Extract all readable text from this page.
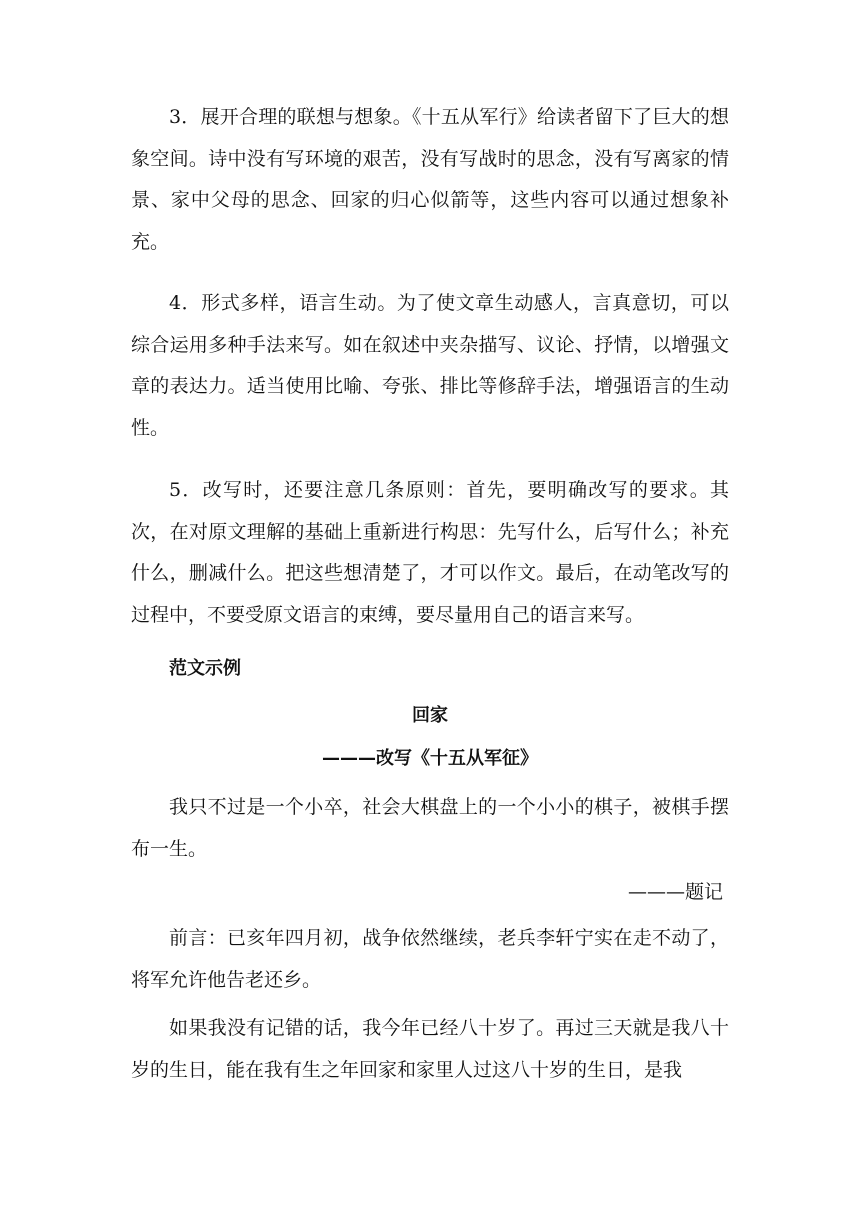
3．展开合理的联想与想象。《十五从军行》给读者留下了巨大的想象空间。诗中没有写环境的艰苦，没有写战时的思念，没有写离家的情景、家中父母的思念、回家的归心似箭等，这些内容可以通过想象补充。

4．形式多样，语言生动。为了使文章生动感人，言真意切，可以综合运用多种手法来写。如在叙述中夹杂描写、议论、抒情，以增强文章的表达力。适当使用比喻、夸张、排比等修辞手法，增强语言的生动性。

5．改写时，还要注意几条原则：首先，要明确改写的要求。其次，在对原文理解的基础上重新进行构思：先写什么，后写什么；补充什么，删减什么。把这些想清楚了，才可以作文。最后，在动笔改写的过程中，不要受原文语言的束缚，要尽量用自己的语言来写。

范文示例
回家
———改写《十五从军征》

我只不过是一个小卒，社会大棋盘上的一个小小的棋子，被棋手摆布一生。

———题记

前言：已亥年四月初，战争依然继续，老兵李轩宁实在走不动了，将军允许他告老还乡。

如果我没有记错的话，我今年已经八十岁了。再过三天就是我八十岁的生日，能在我有生之年回家和家里人过这八十岁的生日，是我
